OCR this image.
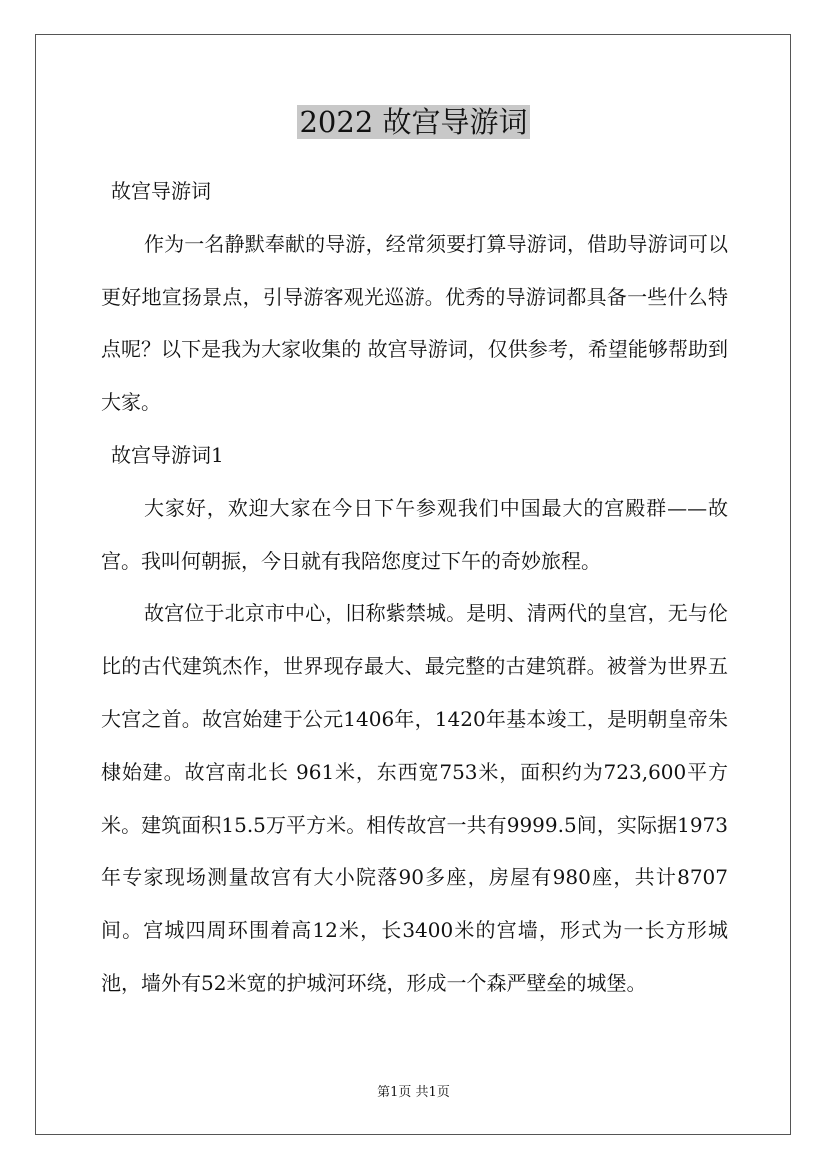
2022 故宫导游词

故宫导游词

作为一名静默奉献的导游，经常须要打算导游词，借助导游词可以更好地宣扬景点，引导游客观光巡游。优秀的导游词都具备一些什么特点呢？以下是我为大家收集的 故宫导游词，仅供参考，希望能够帮助到大家。

故宫导游词1

大家好，欢迎大家在今日下午参观我们中国最大的宫殿群——故宫。我叫何朝振，今日就有我陪您度过下午的奇妙旅程。

故宫位于北京市中心，旧称紫禁城。是明、清两代的皇宫，无与伦比的古代建筑杰作，世界现存最大、最完整的古建筑群。被誉为世界五大宫之首。故宫始建于公元1406年，1420年基本竣工，是明朝皇帝朱棣始建。故宫南北长 961米，东西宽753米，面积约为723,600平方米。建筑面积15.5万平方米。相传故宫一共有9999.5间，实际据1973年专家现场测量故宫有大小院落90多座，房屋有980座，共计8707间。宫城四周环围着高12米，长3400米的宫墙，形式为一长方形城池，墙外有52米宽的护城河环绕，形成一个森严壁垒的城堡。

第1页 共1页
